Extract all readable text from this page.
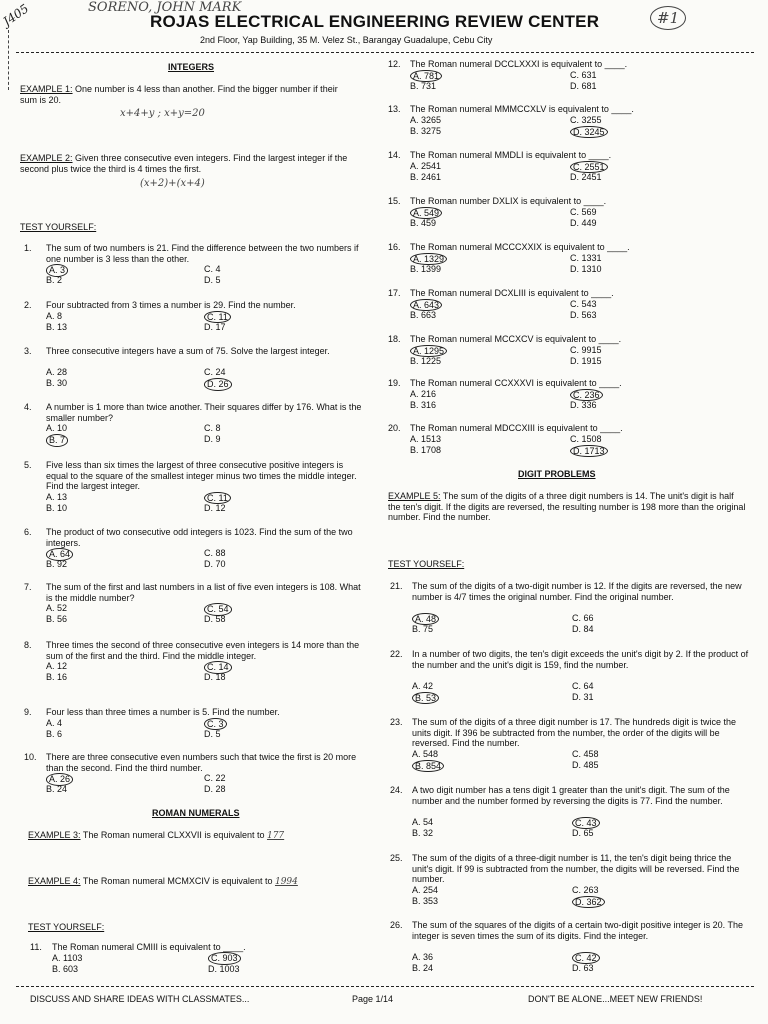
J405	SORENO, JOHN MARK
#1
ROJAS ELECTRICAL ENGINEERING REVIEW CENTER
2nd Floor, Yap Building, 35 M. Velez St., Barangay Guadalupe, Cebu City
INTEGERS
EXAMPLE 1: One number is 4 less than another. Find the bigger number if their sum is 20.
x+4+y ; x+y=20
EXAMPLE 2: Given three consecutive even integers. Find the largest integer if the second plus twice the third is 4 times the first.
(x+2)+(x+4)
TEST YOURSELF:
1. The sum of two numbers is 21. Find the difference between the two numbers if one number is 3 less than the other.
A. 3	C. 4
B. 2	D. 5
2. Four subtracted from 3 times a number is 29. Find the number.
A. 8	C. 11
B. 13	D. 17
3. Three consecutive integers have a sum of 75. Solve the largest integer.
A. 28	C. 24
B. 30	D. 26
4. A number is 1 more than twice another. Their squares differ by 176. What is the smaller number?
A. 10	C. 8
B. 7	D. 9
5. Five less than six times the largest of three consecutive positive integers is equal to the square of the smallest integer minus two times the middle integer. Find the largest integer.
A. 13	C. 11
B. 10	D. 12
6. The product of two consecutive odd integers is 1023. Find the sum of the two integers.
A. 64	C. 88
B. 92	D. 70
7. The sum of the first and last numbers in a list of five even integers is 108. What is the middle number?
A. 52	C. 54
B. 56	D. 58
8. Three times the second of three consecutive even integers is 14 more than the sum of the first and the third. Find the middle integer.
A. 12	C. 14
B. 16	D. 18
9. Four less than three times a number is 5. Find the number.
A. 4	C. 3
B. 6	D. 5
10. There are three consecutive even numbers such that twice the first is 20 more than the second. Find the third number.
A. 26	C. 22
B. 24	D. 28
ROMAN NUMERALS
EXAMPLE 3: The Roman numeral CLXXVII is equivalent to 177
EXAMPLE 4: The Roman numeral MCMXCIV is equivalent to 1994
TEST YOURSELF:
11. The Roman numeral CMIII is equivalent to ____.
A. 1103	C. 903
B. 603	D. 1003
12. The Roman numeral DCCLXXXI is equivalent to ____.
A. 781	C. 631
B. 731	D. 681
13. The Roman numeral MMMCCXLV is equivalent to ____.
A. 3265	C. 3255
B. 3275	D. 3245
14. The Roman numeral MMDLI is equivalent to ____.
A. 2541	C. 2551
B. 2461	D. 2451
15. The Roman number DXLIX is equivalent to ____.
A. 549	C. 569
B. 459	D. 449
16. The Roman numeral MCCCXXIX is equivalent to ____.
A. 1329	C. 1331
B. 1399	D. 1310
17. The Roman numeral DCXLIII is equivalent to ____.
A. 643	C. 543
B. 663	D. 563
18. The Roman numeral MCCXCV is equivalent to ____.
A. 1295	C. 9915
B. 1225	D. 1915
19. The Roman numeral CCXXXVI is equivalent to ____.
A. 216	C. 236
B. 316	D. 336
20. The Roman numeral MDCCXIII is equivalent to ____.
A. 1513	C. 1508
B. 1708	D. 1713
DIGIT PROBLEMS
EXAMPLE 5: The sum of the digits of a three digit numbers is 14. The unit's digit is half the ten's digit. If the digits are reversed, the resulting number is 198 more than the original number. Find the number.
TEST YOURSELF:
21. The sum of the digits of a two-digit number is 12. If the digits are reversed, the new number is 4/7 times the original number. Find the original number.
A. 48	C. 66
B. 75	D. 84
22. In a number of two digits, the ten's digit exceeds the unit's digit by 2. If the product of the number and the unit's digit is 159, find the number.
A. 42	C. 64
B. 53	D. 31
23. The sum of the digits of a three digit number is 17. The hundreds digit is twice the units digit. If 396 be subtracted from the number, the order of the digits will be reversed. Find the number.
A. 548	C. 458
B. 854	D. 485
24. A two digit number has a tens digit 1 greater than the unit's digit. The sum of the number and the number formed by reversing the digits is 77. Find the number.
A. 54	C. 43
B. 32	D. 65
25. The sum of the digits of a three-digit number is 11, the ten's digit being thrice the unit's digit. If 99 is subtracted from the number, the digits will be reversed. Find the number.
A. 254	C. 263
B. 353	D. 362
26. The sum of the squares of the digits of a certain two-digit positive integer is 20. The integer is seven times the sum of its digits. Find the integer.
A. 36	C. 42
B. 24	D. 63
DISCUSS AND SHARE IDEAS WITH CLASSMATES...	Page 1/14	DON'T BE ALONE...MEET NEW FRIENDS!
